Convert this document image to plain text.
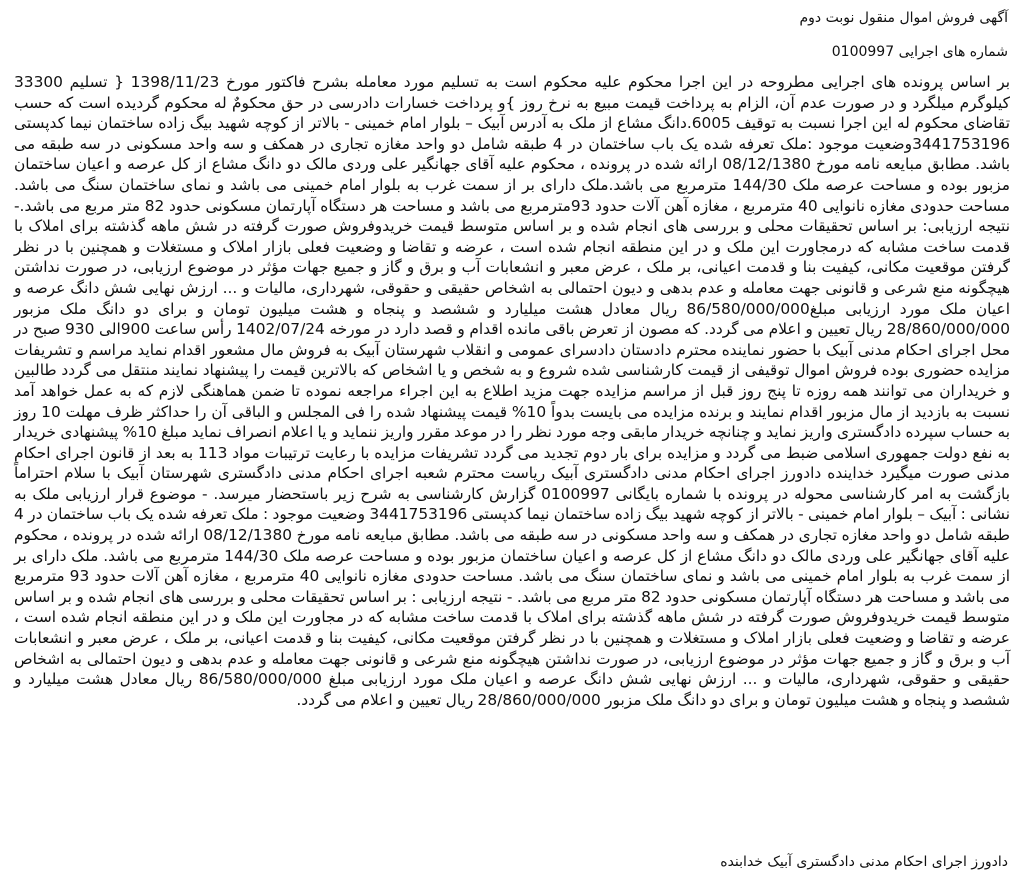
آگهی فروش اموال منقول نوبت دوم
شماره های اجرایی 0100997

بر اساس پرونده های اجرایی مطروحه در این اجرا محکوم علیه محکوم است به تسلیم مورد معامله بشرح فاکتور مورخ 1398/11/23 { تسلیم 33300 کیلوگرم میلگرد و در صورت عدم آن، الزام به پرداخت قیمت مبیع به نرخ روز }و پرداخت خسارات دادرسی در حق محکومٌ له محکوم گردیده است که حسب تقاضای محکوم له این اجرا نسبت به توقیف 6005.دانگ مشاع از ملک به آدرس آبیک – بلوار امام خمینی - بالاتر از کوچه شهید بیگ زاده ساختمان نیما کدپستی 3441753196وضعیت موجود :ملک تعرفه شده یک باب ساختمان در 4 طبقه شامل دو واحد مغازه تجاری در همکف و سه واحد مسکونی در سه طبقه می باشد. مطابق مبایعه نامه مورخ 08/12/1380 ارائه شده در پرونده ، محکوم علیه آقای جهانگیر علی وردی مالک دو دانگ مشاع از کل عرصه و اعیان ساختمان مزبور بوده و مساحت عرصه ملک 144/30 مترمربع می باشد.ملک دارای بر از سمت غرب به بلوار امام خمینی می باشد و نمای ساختمان سنگ می باشد. مساحت حدودی مغازه نانوایی 40 مترمربع ، مغازه آهن آلات حدود 93مترمربع می باشد و مساحت هر دستگاه آپارتمان مسکونی حدود 82 متر مربع می باشد.- نتیجه ارزیابی: بر اساس تحقیقات محلی و بررسی های انجام شده و بر اساس متوسط قیمت خریدوفروش صورت گرفته در شش ماهه گذشته برای املاک با قدمت ساخت مشابه که درمجاورت این ملک و در این منطقه انجام شده است ، عرضه و تقاضا و وضعیت فعلی بازار املاک و مستغلات و همچنین با در نظر گرفتن موقعیت مکانی، کیفیت بنا و قدمت اعیانی، بر ملک ، عرض معبر و انشعابات آب و برق و گاز و جمیع جهات مؤثر در موضوع ارزیابی، در صورت نداشتن هیچگونه منع شرعی و قانونی جهت معامله و عدم بدهی و دیون احتمالی به اشخاص حقیقی و حقوقی، شهرداری، مالیات و ... ارزش نهایی شش دانگ عرصه و اعیان ملک مورد ارزیابی مبلغ86/580/000/000 ریال معادل هشت میلیارد و ششصد و پنجاه و هشت میلیون تومان و برای دو دانگ ملک مزبور 28/860/000/000 ریال تعیین و اعلام می گردد. که مصون از تعرض باقی مانده اقدام و قصد دارد در مورخه 1402/07/24 رأس ساعت 900الی 930 صبح در محل اجرای احکام مدنی آبیک با حضور نماینده محترم دادستان دادسرای عمومی و انقلاب شهرستان آبیک به فروش مال مشعور اقدام نماید مراسم و تشریفات مزایده حضوری بوده فروش اموال توقیفی از قیمت کارشناسی شده شروع و به شخص و یا اشخاص که بالاترین قیمت را پیشنهاد نمایند منتقل می گردد طالبین و خریداران می توانند همه روزه تا پنج روز قبل از مراسم مزایده جهت مزید اطلاع به این اجراء مراجعه نموده تا ضمن هماهنگی لازم که به عمل خواهد آمد نسبت به بازدید از مال مزبور اقدام نمایند و برنده مزایده می بایست بدواً 10% قیمت پیشنهاد شده را فی المجلس و الباقی آن را حداکثر ظرف مهلت 10 روز به حساب سپرده دادگستری واریز نماید و چنانچه خریدار مابقی وجه مورد نظر را در موعد مقرر واریز ننماید و یا اعلام انصراف نماید مبلغ 10% پیشنهادی خریدار به نفع دولت جمهوری اسلامی ضبط می گردد و مزایده برای بار دوم تجدید می گردد تشریفات مزایده با رعایت ترتیبات مواد 113 به بعد از قانون اجرای احکام مدنی صورت میگیرد خداینده دادورز اجرای احکام مدنی دادگستری آبیک ریاست محترم شعبه اجرای احکام مدنی دادگستری شهرستان آبیک با سلام احتراماً بازگشت به امر کارشناسی محوله در پرونده با شماره بایگانی 0100997 گزارش کارشناسی به شرح زیر باستحضار میرسد. - موضوع قرار ارزیابی ملک به نشانی : آبیک – بلوار امام خمینی - بالاتر از کوچه شهید بیگ زاده ساختمان نیما کدپستی 3441753196 وضعیت موجود : ملک تعرفه شده یک باب ساختمان در 4 طبقه شامل دو واحد مغازه تجاری در همکف و سه واحد مسکونی در سه طبقه می باشد. مطابق مبایعه نامه مورخ 08/12/1380 ارائه شده در پرونده ، محکوم علیه آقای جهانگیر علی وردی مالک دو دانگ مشاع از کل عرصه و اعیان ساختمان مزبور بوده و مساحت عرصه ملک 144/30 مترمربع می باشد. ملک دارای بر از سمت غرب به بلوار امام خمینی می باشد و نمای ساختمان سنگ می باشد. مساحت حدودی مغازه نانوایی 40 مترمربع ، مغازه آهن آلات حدود 93 مترمربع می باشد و مساحت هر دستگاه آپارتمان مسکونی حدود 82 متر مربع می باشد. - نتیجه ارزیابی : بر اساس تحقیقات محلی و بررسی های انجام شده و بر اساس متوسط قیمت خریدوفروش صورت گرفته در شش ماهه گذشته برای املاک با قدمت ساخت مشابه که در مجاورت این ملک و در این منطقه انجام شده است ، عرضه و تقاضا و وضعیت فعلی بازار املاک و مستغلات و همچنین با در نظر گرفتن موقعیت مکانی، کیفیت بنا و قدمت اعیانی، بر ملک ، عرض معبر و انشعابات آب و برق و گاز و جمیع جهات مؤثر در موضوع ارزیابی، در صورت نداشتن هیچگونه منع شرعی و قانونی جهت معامله و عدم بدهی و دیون احتمالی به اشخاص حقیقی و حقوقی، شهرداری، مالیات و ... ارزش نهایی شش دانگ عرصه و اعیان ملک مورد ارزیابی مبلغ 86/580/000/000 ریال معادل هشت میلیارد و ششصد و پنجاه و هشت میلیون تومان و برای دو دانگ ملک مزبور 28/860/000/000 ریال تعیین و اعلام می گردد.

دادورز اجرای احکام مدنی دادگستری آبیک خدابنده
